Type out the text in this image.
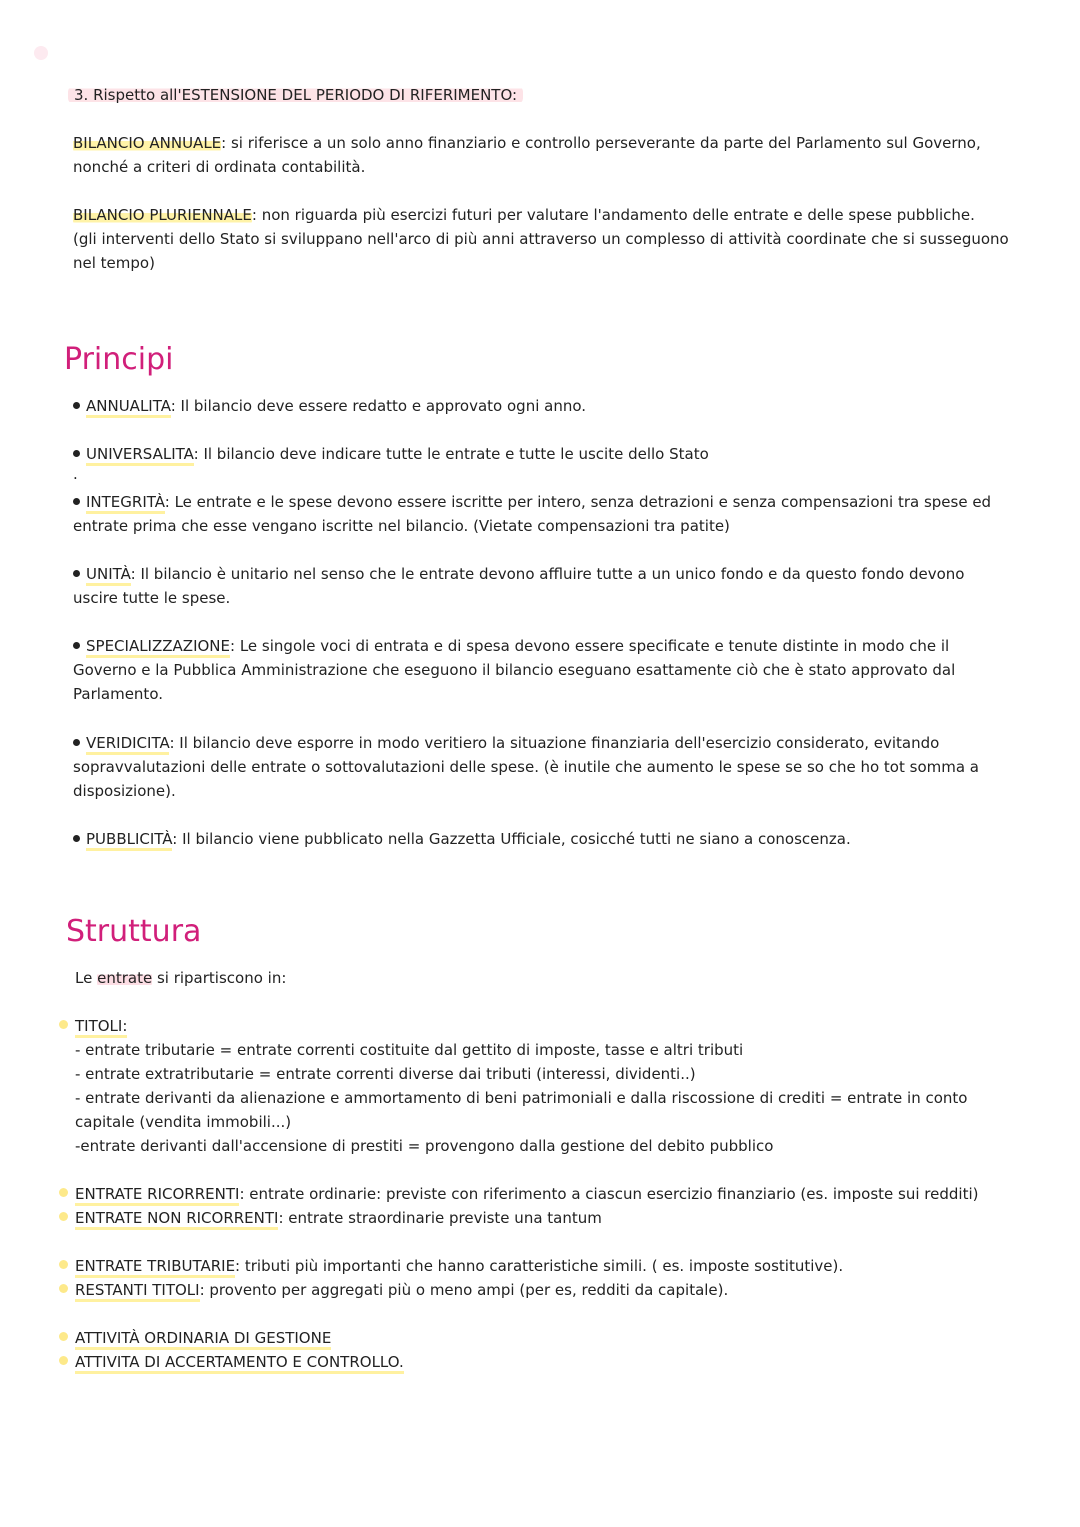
3. Rispetto all'ESTENSIONE DEL PERIODO DI RIFERIMENTO:

BILANCIO ANNUALE: si riferisce a un solo anno finanziario e controllo perseverante da parte del Parlamento sul Governo, nonché a criteri di ordinata contabilità.

BILANCIO PLURIENNALE: non riguarda più esercizi futuri per valutare l'andamento delle entrate e delle spese pubbliche.
(gli interventi dello Stato si sviluppano nell'arco di più anni attraverso un complesso di attività coordinate che si susseguono nel tempo)

Principi

ANNUALITA: Il bilancio deve essere redatto e approvato ogni anno.

UNIVERSALITA: Il bilancio deve indicare tutte le entrate e tutte le uscite dello Stato

.

INTEGRITÀ: Le entrate e le spese devono essere iscritte per intero, senza detrazioni e senza compensazioni tra spese ed entrate prima che esse vengano iscritte nel bilancio. (Vietate compensazioni tra patite)

UNITÀ: Il bilancio è unitario nel senso che le entrate devono affluire tutte a un unico fondo e da questo fondo devono uscire tutte le spese.

SPECIALIZZAZIONE: Le singole voci di entrata e di spesa devono essere specificate e tenute distinte in modo che il Governo e la Pubblica Amministrazione che eseguono il bilancio eseguano esattamente ciò che è stato approvato dal Parlamento.

VERIDICITA: Il bilancio deve esporre in modo veritiero la situazione finanziaria dell'esercizio considerato, evitando sopravvalutazioni delle entrate o sottovalutazioni delle spese. (è inutile che aumento le spese se so che ho tot somma a disposizione).

PUBBLICITÀ: Il bilancio viene pubblicato nella Gazzetta Ufficiale, cosicché tutti ne siano a conoscenza.

Struttura

Le entrate si ripartiscono in:

TITOLI:

- entrate tributarie = entrate correnti costituite dal gettito di imposte, tasse e altri tributi

- entrate extratributarie = entrate correnti diverse dai tributi (interessi, dividenti..)

- entrate derivanti da alienazione e ammortamento di beni patrimoniali e dalla riscossione di crediti = entrate in conto

capitale (vendita immobili...)

-entrate derivanti dall'accensione di prestiti = provengono dalla gestione del debito pubblico

ENTRATE RICORRENTI: entrate ordinarie: previste con riferimento a ciascun esercizio finanziario (es. imposte sui redditi)

ENTRATE NON RICORRENTI: entrate straordinarie previste una tantum

ENTRATE TRIBUTARIE: tributi più importanti che hanno caratteristiche simili. ( es. imposte sostitutive).

RESTANTI TITOLI: provento per aggregati più o meno ampi (per es, redditi da capitale).

ATTIVITÀ ORDINARIA DI GESTIONE

ATTIVITA DI ACCERTAMENTO E CONTROLLO.
